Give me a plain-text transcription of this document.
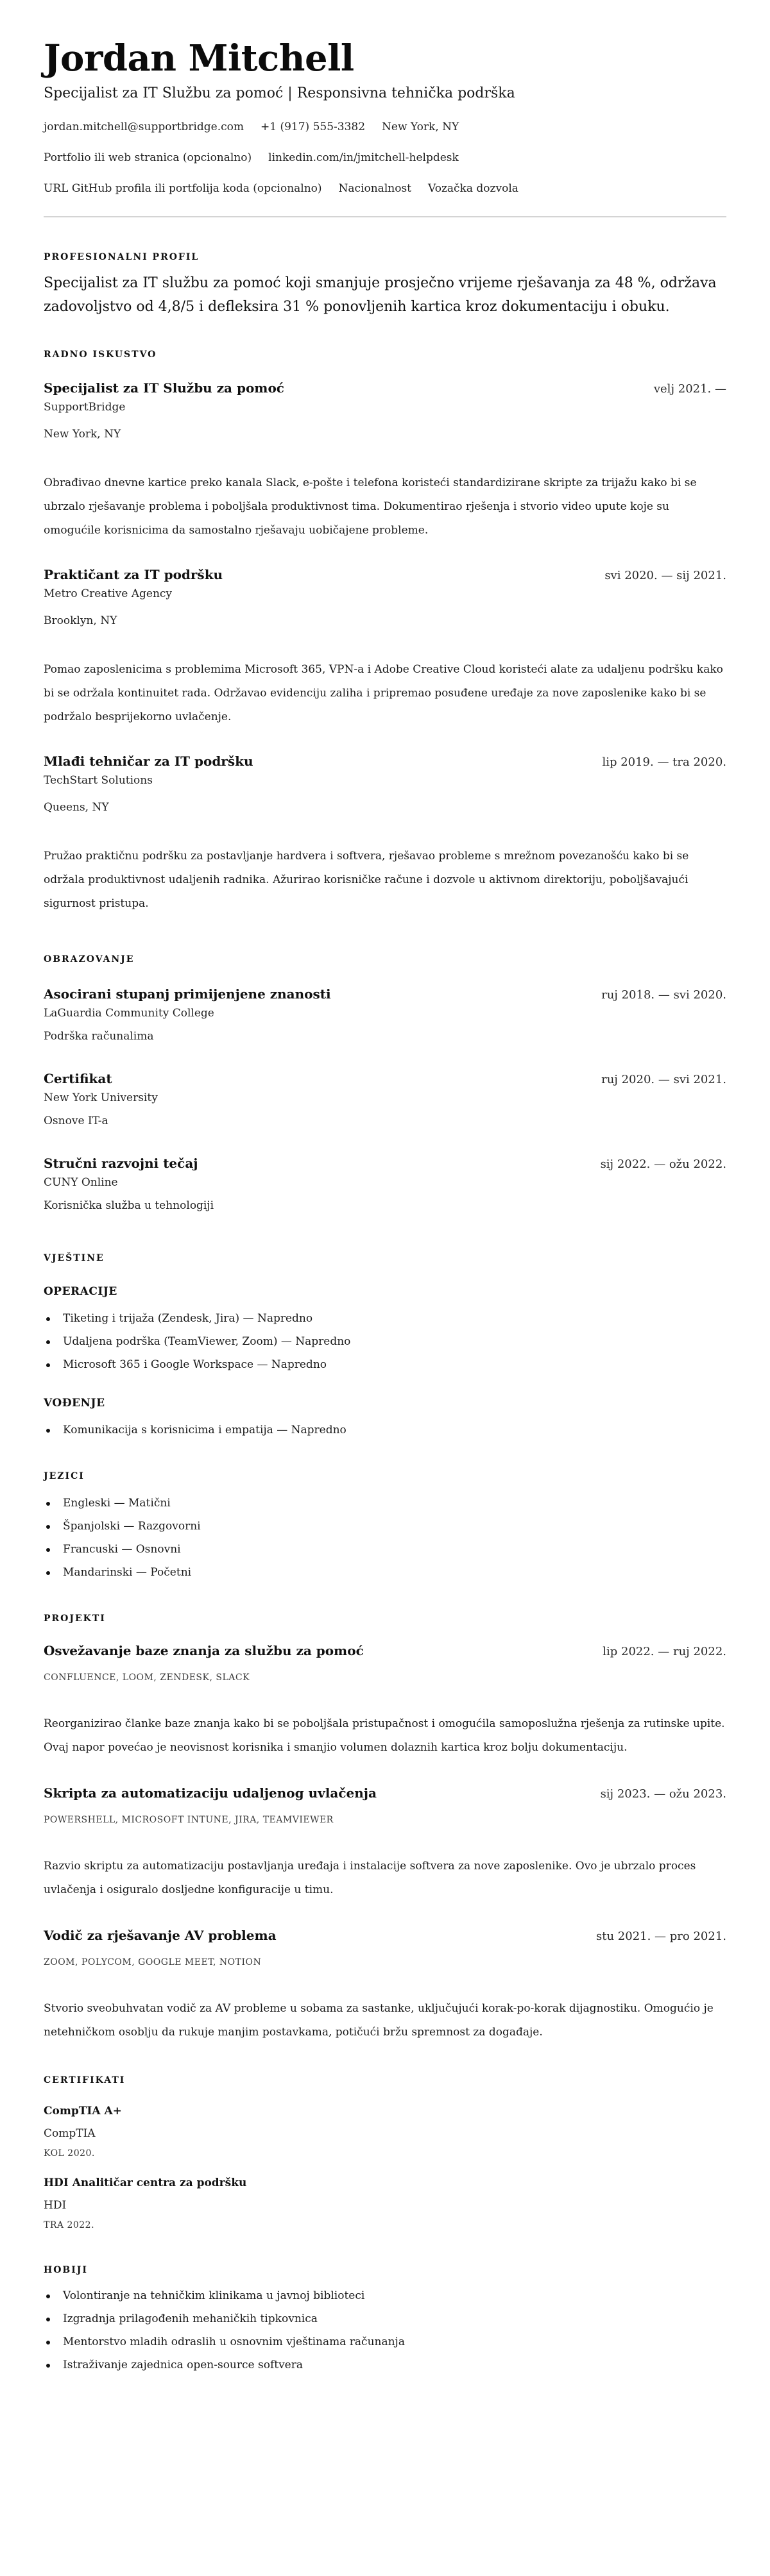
Jordan Mitchell
Specijalist za IT Službu za pomoć | Responsivna tehnička podrška
jordan.mitchell@supportbridge.com +1 (917) 555-3382 New York, NY
Portfolio ili web stranica (opcionalno) linkedin.com/in/jmitchell-helpdesk
URL GitHub profila ili portfolija koda (opcionalno) Nacionalnost Vozačka dozvola
PROFESIONALNI PROFIL

Specijalist za IT službu za pomoć koji smanjuje prosječno vrijeme rješavanja za 48 %, održava zadovoljstvo od 4,8/5 i defleksira 31 % ponovljenih kartica kroz dokumentaciju i obuku.

RADNO ISKUSTVO
Specijalist za IT Službu za pomoć	velj 2021. —
SupportBridge
New York, NY

Obrađivao dnevne kartice preko kanala Slack, e-pošte i telefona koristeći standardizirane skripte za trijažu kako bi se ubrzalo rješavanje problema i poboljšala produktivnost tima. Dokumentirao rješenja i stvorio video upute koje su omogućile korisnicima da samostalno rješavaju uobičajene probleme.

Praktičant za IT podršku	svi 2020. — sij 2021.
Metro Creative Agency
Brooklyn, NY

Pomao zaposlenicima s problemima Microsoft 365, VPN-a i Adobe Creative Cloud koristeći alate za udaljenu podršku kako bi se održala kontinuitet rada. Održavao evidenciju zaliha i pripremao posuđene uređaje za nove zaposlenike kako bi se podržalo besprijekorno uvlačenje.

Mlađi tehničar za IT podršku	lip 2019. — tra 2020.
TechStart Solutions
Queens, NY

Pružao praktičnu podršku za postavljanje hardvera i softvera, rješavao probleme s mrežnom povezanošću kako bi se održala produktivnost udaljenih radnika. Ažurirao korisničke račune i dozvole u aktivnom direktoriju, poboljšavajući sigurnost pristupa.

OBRAZOVANJE
Asocirani stupanj primijenjene znanosti	ruj 2018. — svi 2020.
LaGuardia Community College
Podrška računalima
Certifikat	ruj 2020. — svi 2021.
New York University
Osnove IT-a
Stručni razvojni tečaj	sij 2022. — ožu 2022.
CUNY Online
Korisnička služba u tehnologiji
VJEŠTINE
OPERACIJE
Tiketing i trijaža (Zendesk, Jira) — Napredno
Udaljena podrška (TeamViewer, Zoom) — Napredno
Microsoft 365 i Google Workspace — Napredno
VOĐENJE
Komunikacija s korisnicima i empatija — Napredno
JEZICI
Engleski — Matični
Španjolski — Razgovorni
Francuski — Osnovni
Mandarinski — Početni
PROJEKTI
Osvežavanje baze znanja za službu za pomoć	lip 2022. — ruj 2022.
CONFLUENCE, LOOM, ZENDESK, SLACK

Reorganizirao članke baze znanja kako bi se poboljšala pristupačnost i omogućila samoposlužna rješenja za rutinske upite. Ovaj napor povećao je neovisnost korisnika i smanjio volumen dolaznih kartica kroz bolju dokumentaciju.

Skripta za automatizaciju udaljenog uvlačenja	sij 2023. — ožu 2023.
POWERSHELL, MICROSOFT INTUNE, JIRA, TEAMVIEWER

Razvio skriptu za automatizaciju postavljanja uređaja i instalacije softvera za nove zaposlenike. Ovo je ubrzalo proces uvlačenja i osiguralo dosljedne konfiguracije u timu.

Vodič za rješavanje AV problema	stu 2021. — pro 2021.
ZOOM, POLYCOM, GOOGLE MEET, NOTION

Stvorio sveobuhvatan vodič za AV probleme u sobama za sastanke, uključujući korak-po-korak dijagnostiku. Omogućio je netehničkom osoblju da rukuje manjim postavkama, potičući bržu spremnost za događaje.

CERTIFIKATI
CompTIA A+
CompTIA
KOL 2020.
HDI Analitičar centra za podršku
HDI
TRA 2022.
HOBIJI
Volontiranje na tehničkim klinikama u javnoj biblioteci
Izgradnja prilagođenih mehaničkih tipkovnica
Mentorstvo mladih odraslih u osnovnim vještinama računanja
Istraživanje zajednica open-source softvera
